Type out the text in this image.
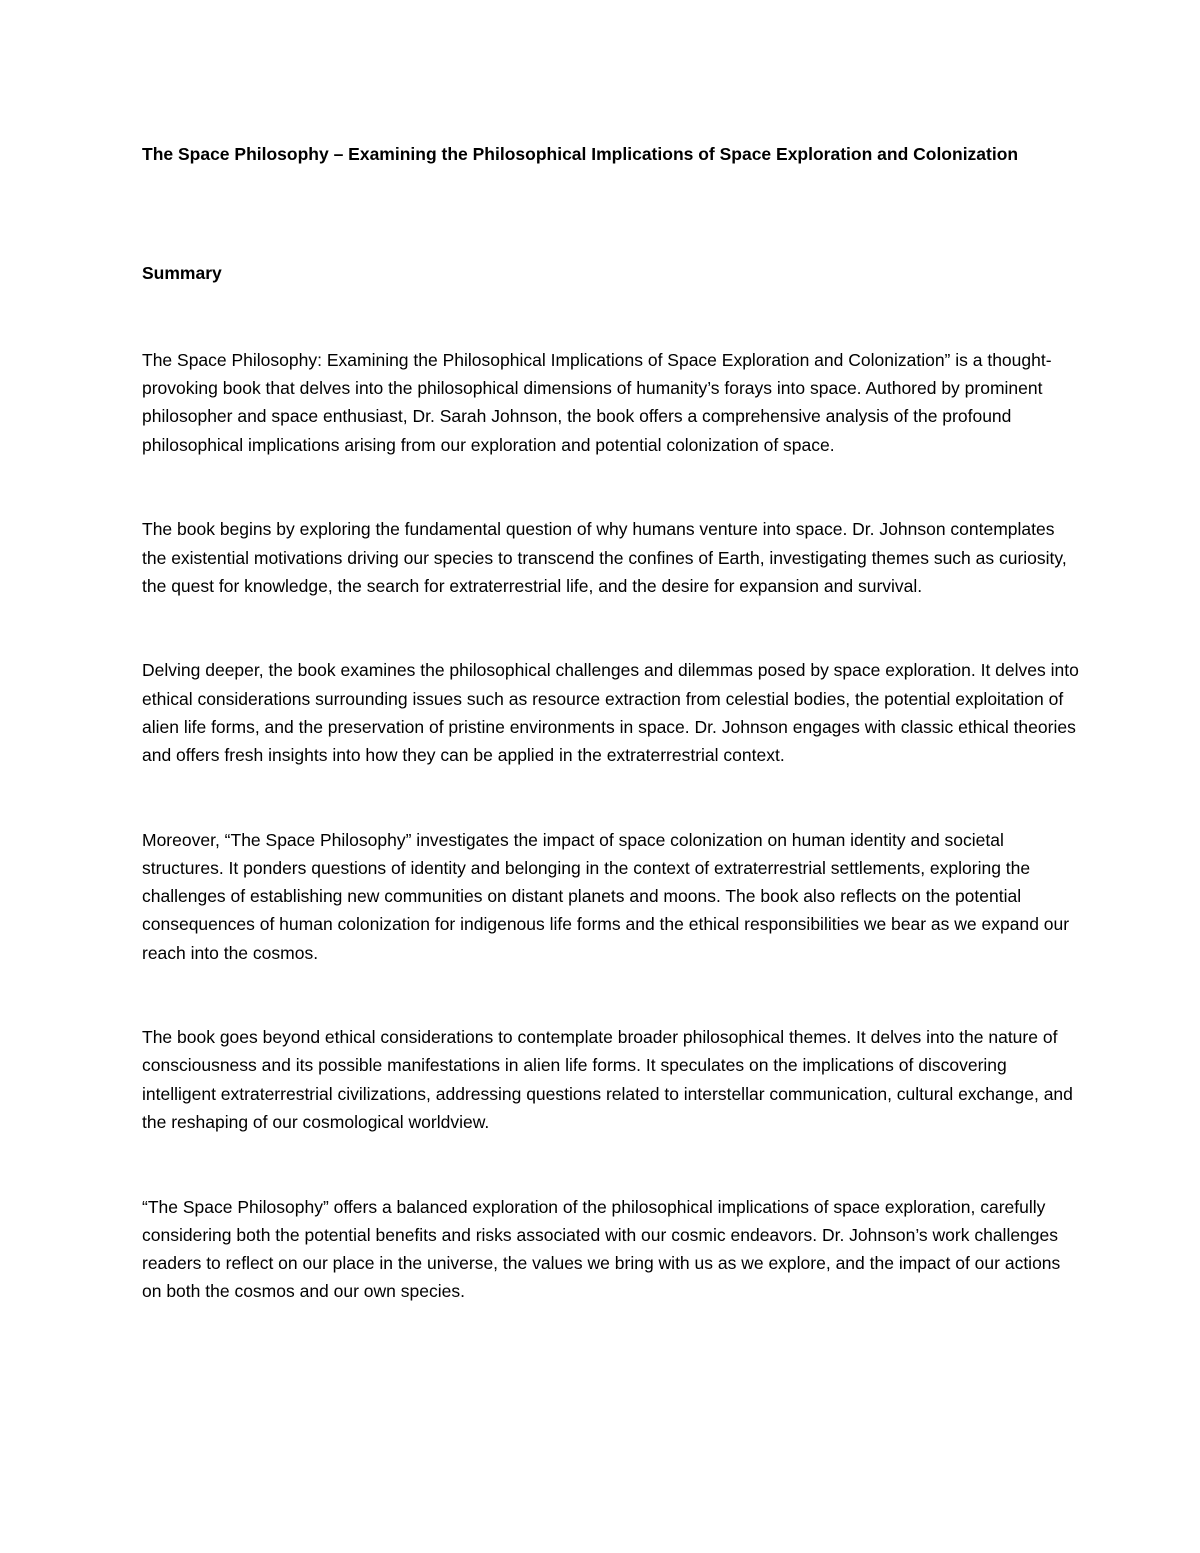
The Space Philosophy – Examining the Philosophical Implications of Space Exploration and Colonization
Summary

The Space Philosophy: Examining the Philosophical Implications of Space Exploration and Colonization” is a thought-provoking book that delves into the philosophical dimensions of humanity’s forays into space. Authored by prominent philosopher and space enthusiast, Dr. Sarah Johnson, the book offers a comprehensive analysis of the profound philosophical implications arising from our exploration and potential colonization of space.

The book begins by exploring the fundamental question of why humans venture into space. Dr. Johnson contemplates the existential motivations driving our species to transcend the confines of Earth, investigating themes such as curiosity, the quest for knowledge, the search for extraterrestrial life, and the desire for expansion and survival.

Delving deeper, the book examines the philosophical challenges and dilemmas posed by space exploration. It delves into ethical considerations surrounding issues such as resource extraction from celestial bodies, the potential exploitation of alien life forms, and the preservation of pristine environments in space. Dr. Johnson engages with classic ethical theories and offers fresh insights into how they can be applied in the extraterrestrial context.

Moreover, “The Space Philosophy” investigates the impact of space colonization on human identity and societal structures. It ponders questions of identity and belonging in the context of extraterrestrial settlements, exploring the challenges of establishing new communities on distant planets and moons. The book also reflects on the potential consequences of human colonization for indigenous life forms and the ethical responsibilities we bear as we expand our reach into the cosmos.

The book goes beyond ethical considerations to contemplate broader philosophical themes. It delves into the nature of consciousness and its possible manifestations in alien life forms. It speculates on the implications of discovering intelligent extraterrestrial civilizations, addressing questions related to interstellar communication, cultural exchange, and the reshaping of our cosmological worldview.

“The Space Philosophy” offers a balanced exploration of the philosophical implications of space exploration, carefully considering both the potential benefits and risks associated with our cosmic endeavors. Dr. Johnson’s work challenges readers to reflect on our place in the universe, the values we bring with us as we explore, and the impact of our actions on both the cosmos and our own species.
